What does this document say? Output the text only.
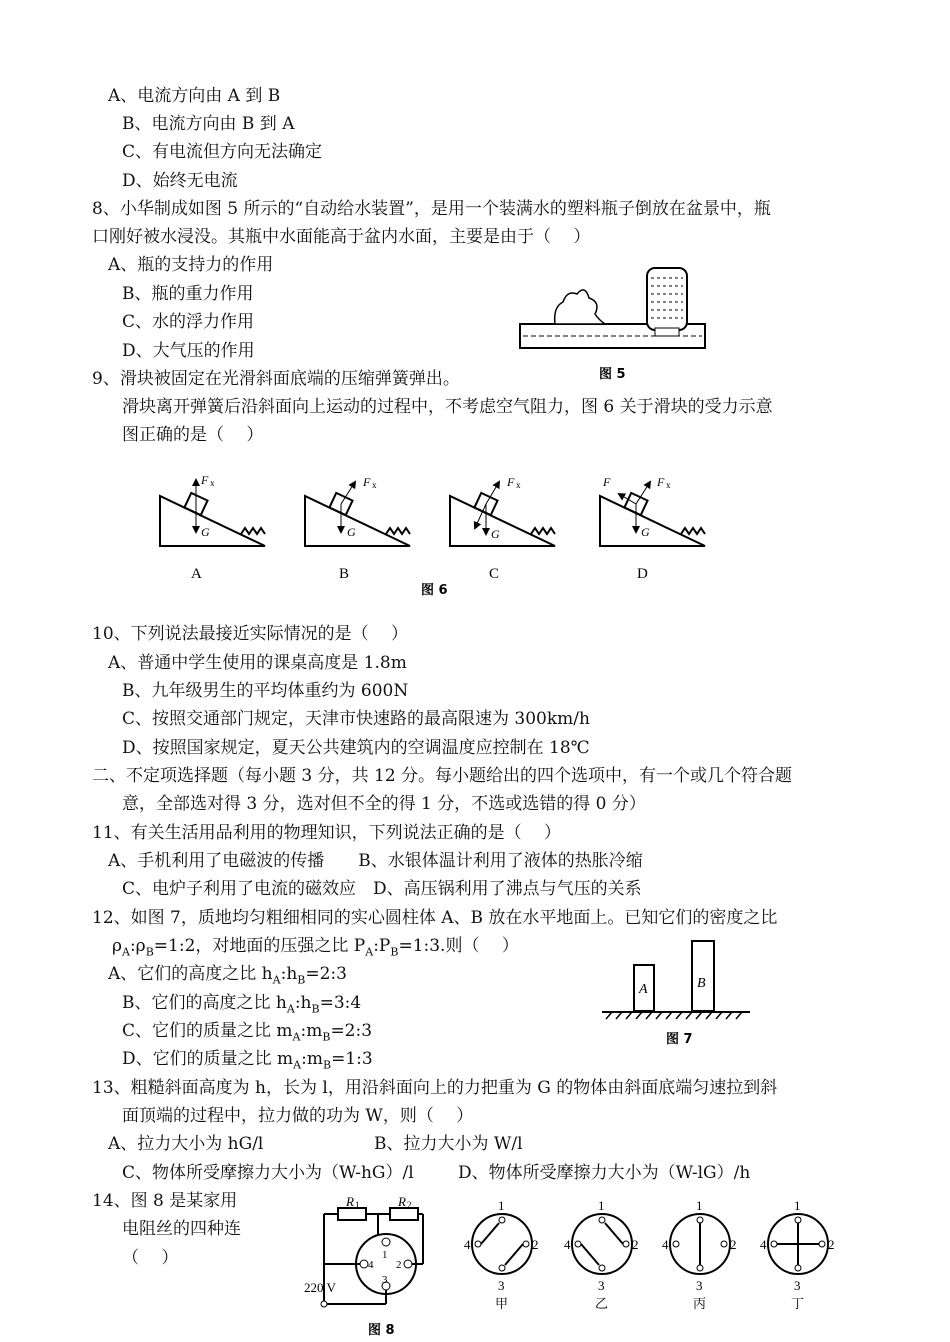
A、电流方向由 A 到 B
B、电流方向由 B 到 A
C、有电流但方向无法确定
D、始终无电流
8、小华制成如图 5 所示的“自动给水装置”，是用一个装满水的塑料瓶子倒放在盆景中，瓶
口刚好被水浸没。其瓶中水面能高于盆内水面，主要是由于（　 ）
A、瓶的支持力的作用
B、瓶的重力作用
C、水的浮力作用
D、大气压的作用
9、滑块被固定在光滑斜面底端的压缩弹簧弹出。
滑块离开弹簧后沿斜面向上运动的过程中，不考虑空气阻力，图 6 关于滑块的受力示意
图正确的是（　 ）
10、下列说法最接近实际情况的是（　 ）
A、普通中学生使用的课桌高度是 1.8m
B、九年级男生的平均体重约为 600N
C、按照交通部门规定，天津市快速路的最高限速为 300km/h
D、按照国家规定，夏天公共建筑内的空调温度应控制在 18℃
二、不定项选择题（每小题 3 分，共 12 分。每小题给出的四个选项中，有一个或几个符合题
意，全部选对得 3 分，选对但不全的得 1 分，不选或选错的得 0 分）
11、有关生活用品利用的物理知识，下列说法正确的是（　 ）
A、手机利用了电磁波的传播　　B、水银体温计利用了液体的热胀冷缩
C、电炉子利用了电流的磁效应　D、高压锅利用了沸点与气压的关系
12、如图 7，质地均匀粗细相同的实心圆柱体 A、B 放在水平地面上。已知它们的密度之比
$\rho_A:\rho_B=1:2$，对地面的压强之比 $P_A:P_B=1:3$.则（　 ）
A、它们的高度之比 $h_A:h_B=2:3$
B、它们的高度之比 $h_A:h_B=3:4$
C、它们的质量之比 $m_A:m_B=2:3$
D、它们的质量之比 $m_A:m_B=1:3$
13、粗糙斜面高度为 h，长为 l，用沿斜面向上的力把重为 G 的物体由斜面底端匀速拉到斜
面顶端的过程中，拉力做的功为 W，则（　 ）
A、拉力大小为 hG/l	B、拉力大小为 W/l
C、物体所受摩擦力大小为（W-hG）/l	D、物体所受摩擦力大小为（W-lG）/h
14、图 8 是某家用
电阻丝的四种连
（　 ）
图 5
F x
G
A
F x
G
B
F x
G
C
F x
F
G
D
图 6
A	B
图 7
R 1	R 2
1
2
3
4
220 V
1
2
3
4
甲
1
2
3
4
乙
1
2
3
4
丙
1
2
3
4
丁
图 8
